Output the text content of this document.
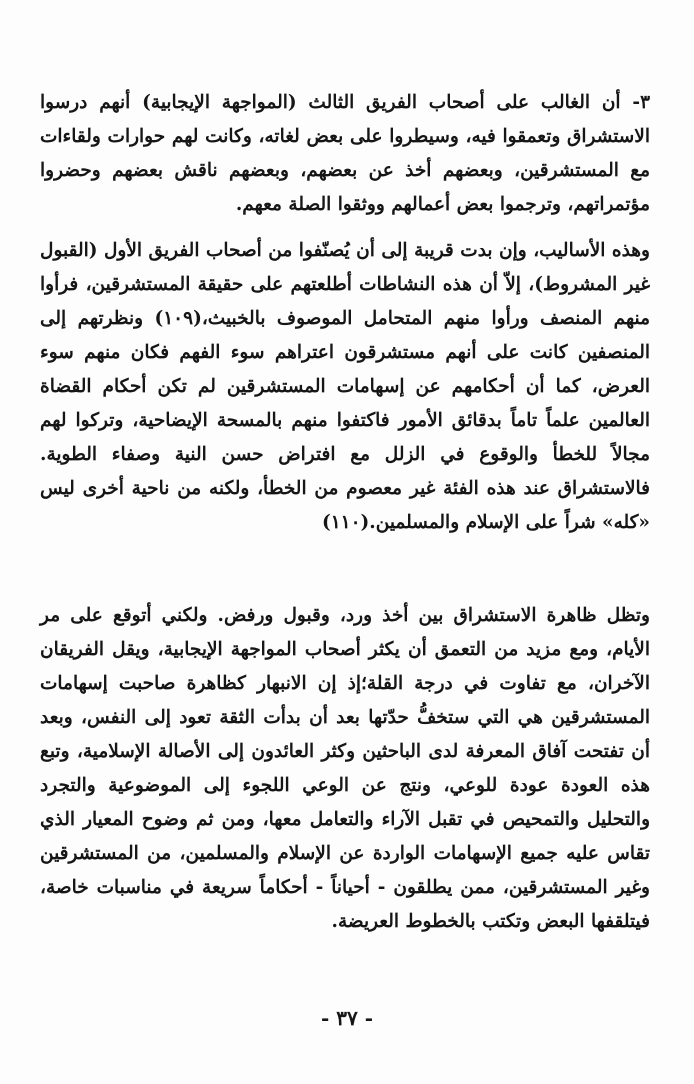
٣- أن الغالب على أصحاب الفريق الثالث (المواجهة الإيجابية) أنهم درسوا الاستشراق وتعمقوا فيه، وسيطروا على بعض لغاته، وكانت لهم حوارات ولقاءات مع المستشرقين، وبعضهم أخذ عن بعضهم، وبعضهم ناقش بعضهم وحضروا مؤتمراتهم، وترجموا بعض أعمالهم ووثقوا الصلة معهم.

وهذه الأساليب، وإن بدت قريبة إلى أن يُصنّفوا من أصحاب الفريق الأول (القبول غير المشروط)، إلاّ أن هذه النشاطات أطلعتهم على حقيقة المستشرقين، فرأوا منهم المنصف ورأوا منهم المتحامل الموصوف بالخبيث،(١٠٩) ونظرتهم إلى المنصفين كانت على أنهم مستشرقون اعتراهم سوء الفهم فكان منهم سوء العرض، كما أن أحكامهم عن إسهامات المستشرقين لم تكن أحكام القضاة العالمين علماً تاماً بدقائق الأمور فاكتفوا منهم بالمسحة الإيضاحية، وتركوا لهم مجالاً للخطأ والوقوع في الزلل مع افتراض حسن النية وصفاء الطوية. فالاستشراق عند هذه الفئة غير معصوم من الخطأ، ولكنه من ناحية أخرى ليس «كله» شراً على الإسلام والمسلمين.(١١٠)

وتظل ظاهرة الاستشراق بين أخذ ورد، وقبول ورفض. ولكني أتوقع على مر الأيام، ومع مزيد من التعمق أن يكثر أصحاب المواجهة الإيجابية، ويقل الفريقان الآخران، مع تفاوت في درجة القلة؛إذ إن الانبهار كظاهرة صاحبت إسهامات المستشرقين هي التي ستخفُّ حدّتها بعد أن بدأت الثقة تعود إلى النفس، وبعد أن تفتحت آفاق المعرفة لدى الباحثين وكثر العائدون إلى الأصالة الإسلامية، وتبع هذه العودة عودة للوعي، ونتج عن الوعي اللجوء إلى الموضوعية والتجرد والتحليل والتمحيص في تقبل الآراء والتعامل معها، ومن ثم وضوح المعيار الذي تقاس عليه جميع الإسهامات الواردة عن الإسلام والمسلمين، من المستشرقين وغير المستشرقين، ممن يطلقون - أحياناً - أحكاماً سريعة في مناسبات خاصة، فيتلقفها البعض وتكتب بالخطوط العريضة.

- ٣٧ -
